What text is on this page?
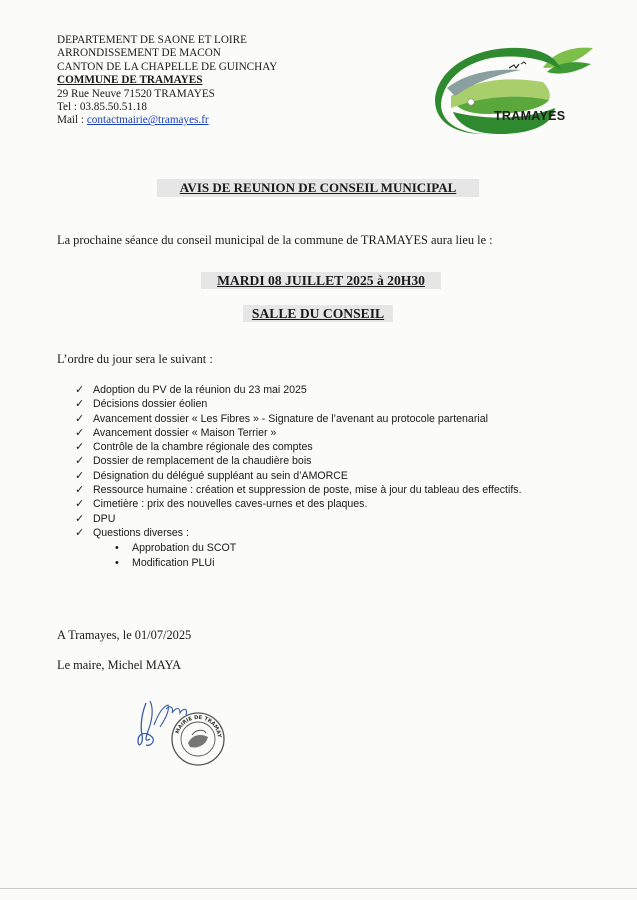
DEPARTEMENT DE SAONE ET LOIRE
ARRONDISSEMENT DE MACON
CANTON DE LA CHAPELLE DE GUINCHAY
COMMUNE DE TRAMAYES
29 Rue Neuve 71520 TRAMAYES
Tel : 03.85.50.51.18
Mail : contactmairie@tramayes.fr	TRAMAYES
AVIS DE REUNION DE CONSEIL MUNICIPAL
La prochaine séance du conseil municipal de la commune de TRAMAYES aura lieu le :
MARDI 08 JUILLET 2025 à 20H30
SALLE DU CONSEIL
L’ordre du jour sera le suivant :
✓ Adoption du PV de la réunion du 23 mai 2025
✓ Décisions dossier éolien
✓ Avancement dossier « Les Fibres » - Signature de l’avenant au protocole partenarial
✓ Avancement dossier « Maison Terrier »
✓ Contrôle de la chambre régionale des comptes
✓ Dossier de remplacement de la chaudière bois
✓ Désignation du délégué suppléant au sein d’AMORCE
✓ Ressource humaine : création et suppression de poste, mise à jour du tableau des effectifs.
✓ Cimetière : prix des nouvelles caves-urnes et des plaques.
✓ DPU
✓ Questions diverses :
• Approbation du SCOT
• Modification PLUi
A Tramayes, le 01/07/2025
Le maire, Michel MAYA
MAIRIE DE TRAMAY
